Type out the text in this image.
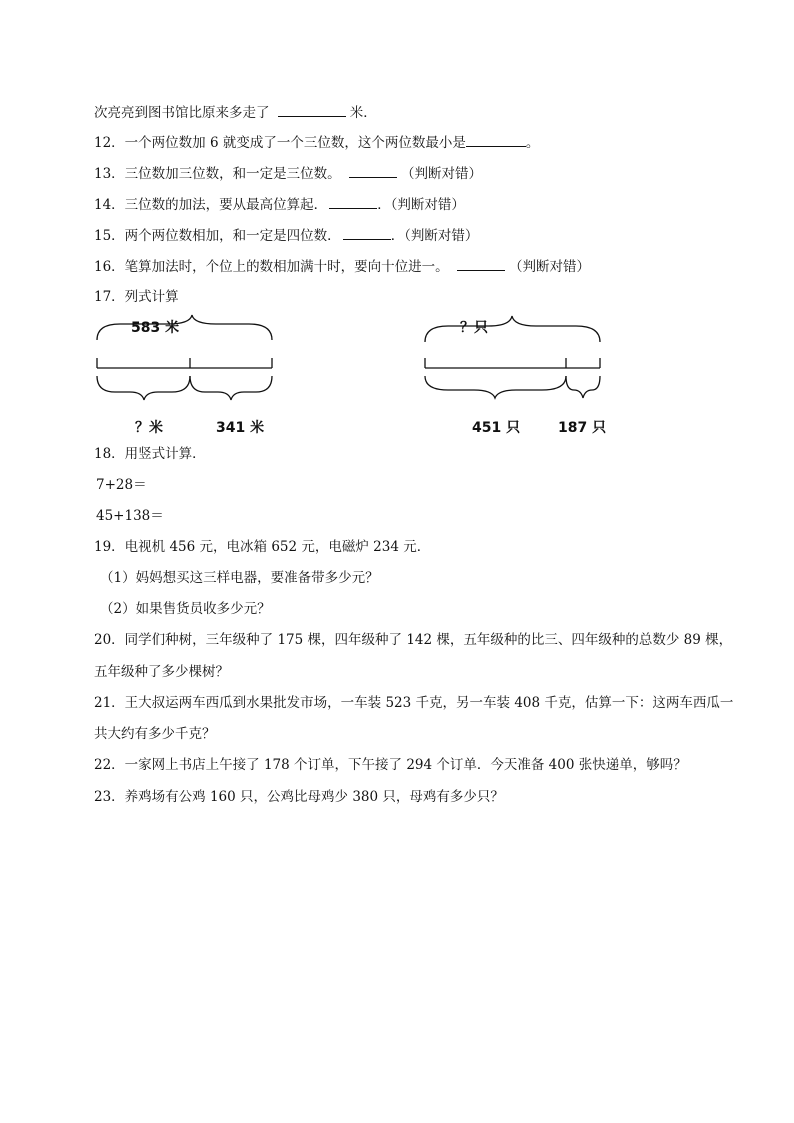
次亮亮到图书馆比原来多走了	米．
12．一个两位数加 6 就变成了一个三位数，这个两位数最小是	。
13．三位数加三位数，和一定是三位数。	（判断对错）
14．三位数的加法，要从最高位算起．	．（判断对错）
15．两个两位数相加，和一定是四位数．	．（判断对错）
16．笔算加法时，个位上的数相加满十时，要向十位进一。	（判断对错）
17．列式计算
583 米
？米	341 米
？只
451 只	187 只
18．用竖式计算．
7+28＝
45+138＝
19．电视机 456 元，电冰箱 652 元，电磁炉 234 元．
（1）妈妈想买这三样电器，要准备带多少元？
（2）如果售货员收多少元？
20．同学们种树，三年级种了 175 棵，四年级种了 142 棵，五年级种的比三、四年级种的总数少 89 棵，
五年级种了多少棵树？
21．王大叔运两车西瓜到水果批发市场，一车装 523 千克，另一车装 408 千克，估算一下：这两车西瓜一
共大约有多少千克？
22．一家网上书店上午接了 178 个订单，下午接了 294 个订单．今天准备 400 张快递单，够吗？
23．养鸡场有公鸡 160 只，公鸡比母鸡少 380 只，母鸡有多少只？
